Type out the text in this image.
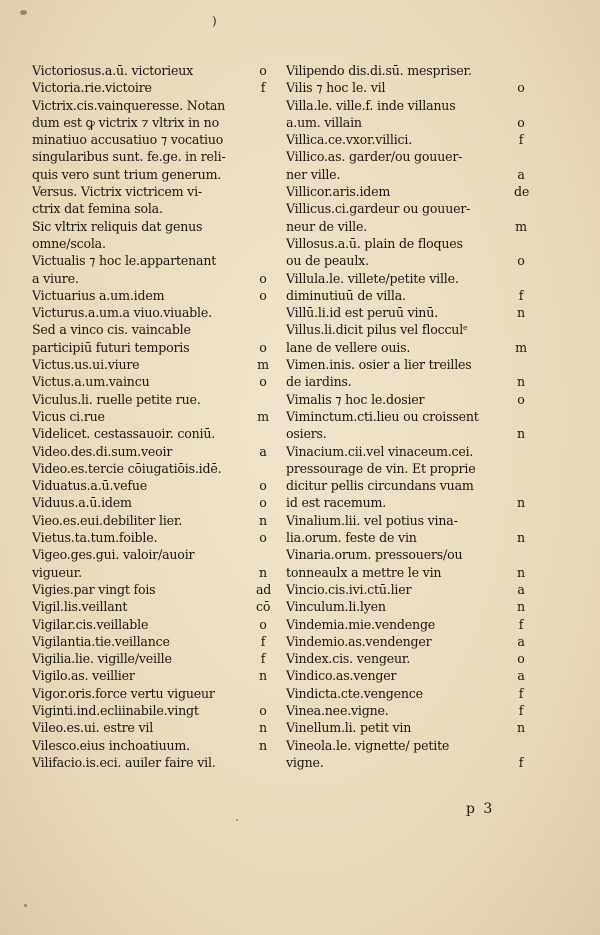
)
Victoriosus.a.ū. victorieux	o
Victoria.rie.victoire	f
Victrix.cis.vainqueresse. Notan
dum est ꝙ victrix ⁊ vltrix in no
minatiuo accusatiuo ⁊ vocatiuo
singularibus sunt. fe.ge. in reli-
quis vero sunt trium generum.
Versus. Victrix victricem vi-
ctrix dat femina sola.
Sic vltrix reliquis dat genus
omne/scola.
Victualis ⁊ hoc le.appartenant
a viure.	o
Victuarius a.um.idem	o
Victurus.a.um.a viuo.viuable.
Sed a vinco cis. vaincable
participiū futuri temporis	o
Victus.us.ui.viure	m
Victus.a.um.vaincu	o
Viculus.li. ruelle petite rue.
Vicus ci.rue	m
Videlicet. cestassauoir. coniū.
Video.des.di.sum.veoir	a
Video.es.tercie cōiugatiōis.idē.
Viduatus.a.ū.vefue	o
Viduus.a.ū.idem	o
Vieo.es.eui.debiliter lier.	n
Vietus.ta.tum.foible.	o
Vigeo.ges.gui. valoir/auoir
vigueur.	n
Vigies.par vingt fois	ad
Vigil.lis.veillant	cō
Vigilar.cis.veillable	o
Vigilantia.tie.veillance	f
Vigilia.lie. vigille/veille	f
Vigilo.as. veillier	n
Vigor.oris.force vertu vigueur
Viginti.ind.ecliinabile.vingt	o
Vileo.es.ui. estre vil	n
Vilesco.eius inchoatiuum.	n
Vilifacio.is.eci. auiler faire vil.
Vilipendo dis.di.sū. mespriser.
Vilis ⁊ hoc le. vil	o
Villa.le. ville.f. inde villanus
a.um. villain	o
Villica.ce.vxor.villici.	f
Villico.as. garder/ou gouuer-
ner ville.	a
Villicor.aris.idem	de
Villicus.ci.gardeur ou gouuer-
neur de ville.	m
Villosus.a.ū. plain de floques
ou de peaulx.	o
Villula.le. villete/petite ville.
diminutiuū de villa.	f
Villū.li.id est peruū vinū.	n
Villus.li.dicit pilus vel flocculᵉ
lane de vellere ouis.	m
Vimen.inis. osier a lier treilles
de iardins.	n
Vimalis ⁊ hoc le.dosier	o
Viminctum.cti.lieu ou croissent
osiers.	n
Vinacium.cii.vel vinaceum.cei.
pressourage de vin. Et proprie
dicitur pellis circundans vuam
id est racemum.	n
Vinalium.lii. vel potius vina-
lia.orum. feste de vin	n
Vinaria.orum. pressouers/ou
tonneaulx a mettre le vin	n
Vincio.cis.ivi.ctū.lier	a
Vinculum.li.lyen	n
Vindemia.mie.vendenge	f
Vindemio.as.vendenger	a
Vindex.cis. vengeur.	o
Vindico.as.venger	a
Vindicta.cte.vengence	f
Vinea.nee.vigne.	f
Vinellum.li. petit vin	n
Vineola.le. vignette/ petite
vigne.	f
p 3
